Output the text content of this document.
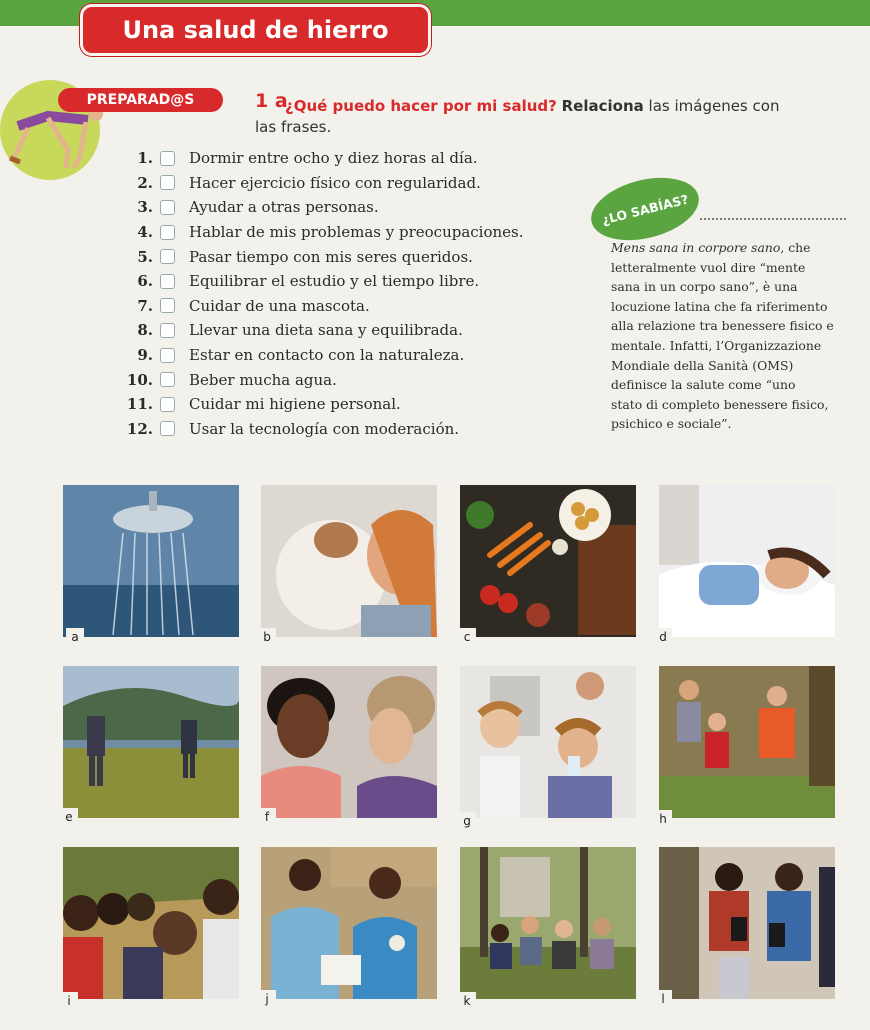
Una salud de hierro
PREPARAD@S	1 a
¿Qué puedo hacer por mi salud? Relaciona las imágenes con
las frases.
1. Dormir entre ocho y diez horas al día.
2. Hacer ejercicio físico con regularidad.
3. Ayudar a otras personas.
4. Hablar de mis problemas y preocupaciones.
5. Pasar tiempo con mis seres queridos.
6. Equilibrar el estudio y el tiempo libre.
7. Cuidar de una mascota.
8. Llevar una dieta sana y equilibrada.
9. Estar en contacto con la naturaleza.
10. Beber mucha agua.
11. Cuidar mi higiene personal.
12. Usar la tecnología con moderación.
¿LO SABÍAS?
Mens sana in corpore sano, che
letteralmente vuol dire “mente
sana in un corpo sano”, è una
locuzione latina che fa riferimento
alla relazione tra benessere fisico e
mentale. Infatti, l’Organizzazione
Mondiale della Sanità (OMS)
definisce la salute come “uno
stato di completo benessere fisico,
psichico e sociale”.
a	b	c	d
e	f	g	h
i	j	k	l
